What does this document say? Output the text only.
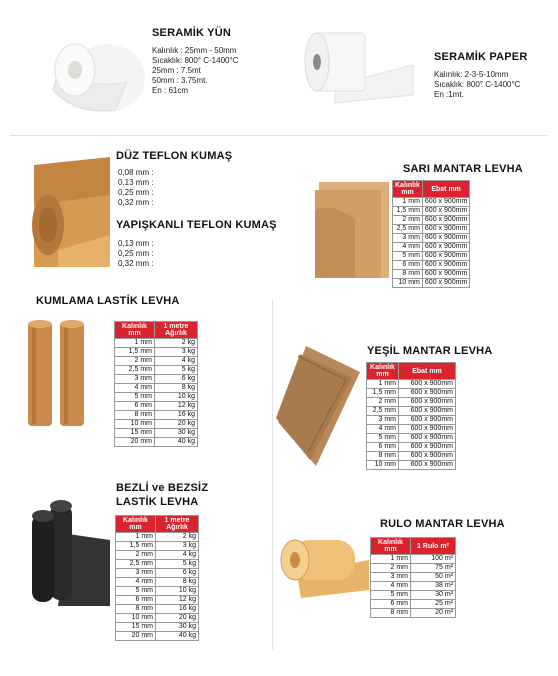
SERAMİK YÜN
Kalınlık : 25mm - 50mm
Sıcaklık: 800° C-1400°C
25mm : 7.5mt
50mm : 3.75mt.
En : 61cm
SERAMİK PAPER
Kalınlık: 2-3-5-10mm
Sıcaklık: 800° C-1400°C
En :1mt.
DÜZ TEFLON KUMAŞ
0,08 mm :
0,13 mm :
0,25 mm :
0,32 mm :
YAPIŞKANLI TEFLON KUMAŞ
0,13 mm :
0,25 mm :
0,32 mm :
SARI MANTAR LEVHA
Kalınlık mm	Ebat mm
1 mm	600 x 900mm
1,5 mm	600 x 900mm
2 mm	600 x 900mm
2,5 mm	600 x 900mm
3 mm	600 x 900mm
4 mm	600 x 900mm
5 mm	600 x 900mm
6 mm	600 x 900mm
8 mm	600 x 900mm
10 mm	600 x 900mm
KUMLAMA LASTİK LEVHA
Kalınlık mm	1 metre Ağırlık
1 mm	2 kg
1,5 mm	3 kg
2 mm	4 kg
2,5 mm	5 kg
3 mm	6 kg
4 mm	8 kg
5 mm	10 kg
6 mm	12 kg
8 mm	16 kg
10 mm	20 kg
15 mm	30 kg
20 mm	40 kg
YEŞİL MANTAR LEVHA
Kalınlık mm	Ebat mm
1 mm	600 x 900mm
1,5 mm	600 x 900mm
2 mm	600 x 900mm
2,5 mm	600 x 900mm
3 mm	600 x 900mm
4 mm	600 x 900mm
5 mm	600 x 900mm
6 mm	600 x 900mm
8 mm	600 x 900mm
10 mm	600 x 900mm
BEZLİ ve BEZSİZ
LASTİK LEVHA
Kalınlık mm	1 metre Ağırlık
1 mm	2 kg
1,5 mm	3 kg
2 mm	4 kg
2,5 mm	5 kg
3 mm	6 kg
4 mm	8 kg
5 mm	10 kg
6 mm	12 kg
8 mm	16 kg
10 mm	20 kg
15 mm	30 kg
20 mm	40 kg
RULO MANTAR LEVHA
Kalınlık mm	1 Rulo m²
1 mm	100 m²
2 mm	75 m²
3 mm	50 m²
4 mm	38 m²
5 mm	30 m²
6 mm	25 m²
8 mm	20 m²
